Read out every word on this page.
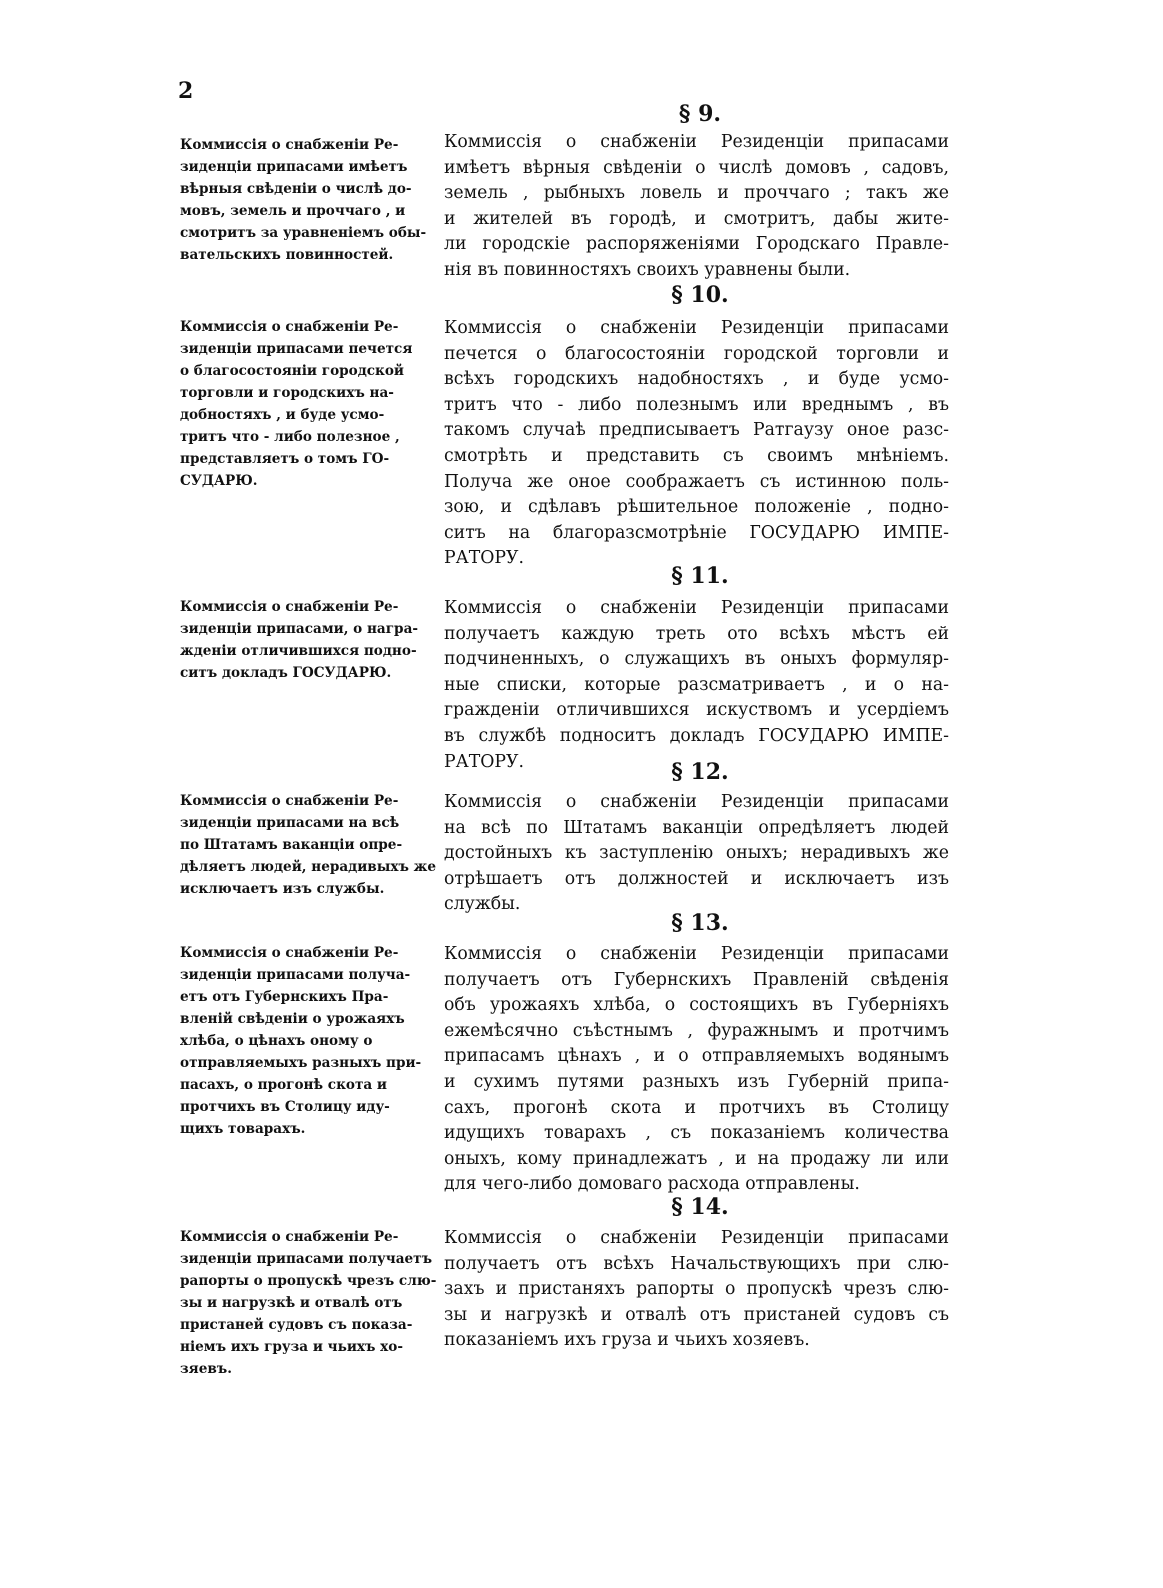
2
§ 9.
Коммиссія о снабженіи Ре-
зиденціи припасами имѣетъ
вѣрныя свѣденіи о числѣ до-
мовъ, земель и проччаго , и
смотритъ за уравненіемъ обы-
вательскихъ повинностей.
Коммиссія о снабженіи Резиденціи припасами
имѣетъ вѣрныя свѣденіи о числѣ домовъ , садовъ,
земель , рыбныхъ ловель и проччаго ; такъ же
и жителей въ городѣ, и смотритъ, дабы жите-
ли городскіе распоряженіями Городскаго Правле-
нія въ повинностяхъ своихъ уравнены были.
§ 10.
Коммиссія о снабженіи Ре-
зиденціи припасами печется
о благосостояніи городской
торговли и городскихъ на-
добностяхъ , и буде усмо-
тритъ что - либо полезное ,
представляетъ о томъ ГО-
СУДАРЮ.
Коммиссія о снабженіи Резиденціи припасами
печется о благосостояніи городской торговли и
всѣхъ городскихъ надобностяхъ , и буде усмо-
тритъ что - либо полезнымъ или вреднымъ , въ
такомъ случаѣ предписываетъ Ратгаузу оное разс-
смотрѣть и представить съ своимъ мнѣніемъ.
Получа же оное соображаетъ съ истинною поль-
зою, и сдѣлавъ рѣшительное положеніе , подно-
ситъ на благоразсмотрѣніе ГОСУДАРЮ ИМПЕ-
РАТОРУ.
§ 11.
Коммиссія о снабженіи Ре-
зиденціи припасами, о награ-
жденіи отличившихся подно-
ситъ докладъ ГОСУДАРЮ.
Коммиссія о снабженіи Резиденціи припасами
получаетъ каждую треть ото всѣхъ мѣстъ ей
подчиненныхъ, о служащихъ въ оныхъ формуляр-
ные списки, которые разсматриваетъ , и о на-
гражденіи отличившихся искуствомъ и усердіемъ
въ службѣ подноситъ докладъ ГОСУДАРЮ ИМПЕ-
РАТОРУ.	§ 12.
Коммиссія о снабженіи Ре-
зиденціи припасами на всѣ
по Штатамъ ваканціи опре-
дѣляетъ людей, нерадивыхъ же
исключаетъ изъ службы.
Коммиссія о снабженіи Резиденціи припасами
на всѣ по Штатамъ ваканціи опредѣляетъ людей
достойныхъ къ заступленію оныхъ; нерадивыхъ же
отрѣшаетъ отъ должностей и исключаетъ изъ
службы.
§ 13.
Коммиссія о снабженіи Ре-
зиденціи припасами получа-
етъ отъ Губернскихъ Пра-
вленій свѣденіи о урожаяхъ
хлѣба, о цѣнахъ оному о
отправляемыхъ разныхъ при-
пасахъ, о прогонѣ скота и
протчихъ въ Столицу иду-
щихъ товарахъ.
Коммиссія о снабженіи Резиденціи припасами
получаетъ отъ Губернскихъ Правленій свѣденія
объ урожаяхъ хлѣба, о состоящихъ въ Губерніяхъ
ежемѣсячно съѣстнымъ , фуражнымъ и протчимъ
припасамъ цѣнахъ , и о отправляемыхъ водянымъ
и сухимъ путями разныхъ изъ Губерній припа-
сахъ, прогонѣ скота и протчихъ въ Столицу
идущихъ товарахъ , съ показаніемъ количества
оныхъ, кому принадлежатъ , и на продажу ли или
для чего-либо домоваго расхода отправлены.
§ 14.
Коммиссія о снабженіи Ре-
зиденціи припасами получаетъ
рапорты о пропускѣ чрезъ слю-
зы и нагрузкѣ и отвалѣ отъ
пристаней судовъ съ показа-
ніемъ ихъ груза и чьихъ хо-
зяевъ.
Коммиссія о снабженіи Резиденціи припасами
получаетъ отъ всѣхъ Начальствующихъ при слю-
захъ и пристаняхъ рапорты о пропускѣ чрезъ слю-
зы и нагрузкѣ и отвалѣ отъ пристаней судовъ съ
показаніемъ ихъ груза и чьихъ хозяевъ.
